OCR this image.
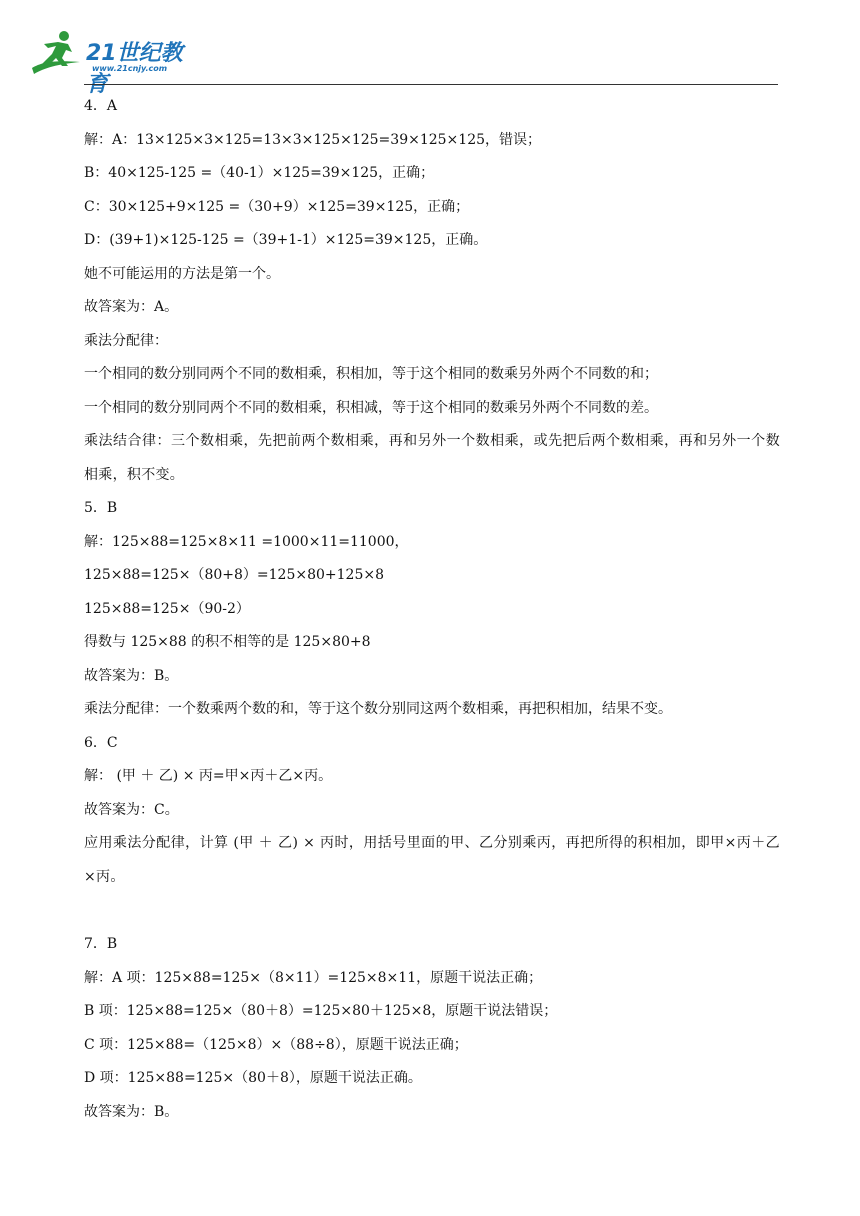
21世纪教育
www.21cnjy.com
4．A
解：A：13×125×3×125=13×3×125×125=39×125×125，错误；
B：40×125-125 =（40-1）×125=39×125，正确；
C：30×125+9×125 =（30+9）×125=39×125，正确；
D：(39+1)×125-125 =（39+1-1）×125=39×125，正确。
她不可能运用的方法是第一个。
故答案为：A。
乘法分配律：
一个相同的数分别同两个不同的数相乘，积相加，等于这个相同的数乘另外两个不同数的和；
一个相同的数分别同两个不同的数相乘，积相减，等于这个相同的数乘另外两个不同数的差。
乘法结合律：三个数相乘，先把前两个数相乘，再和另外一个数相乘，或先把后两个数相乘，再和另外一个数相乘，积不变。
5．B
解：125×88=125×8×11 =1000×11=11000，
125×88=125×（80+8）=125×80+125×8
125×88=125×（90-2）
得数与 125×88 的积不相等的是 125×80+8
故答案为：B。
乘法分配律：一个数乘两个数的和，等于这个数分别同这两个数相乘，再把积相加，结果不变。
6．C
解： (甲 ＋ 乙) × 丙=甲×丙＋乙×丙。
故答案为：C。
应用乘法分配律，计算 (甲 ＋ 乙) × 丙时，用括号里面的甲、乙分别乘丙，再把所得的积相加，即甲×丙＋乙×丙。
7．B
解：A 项：125×88=125×（8×11）=125×8×11，原题干说法正确；
B 项：125×88=125×（80＋8）=125×80＋125×8，原题干说法错误；
C 项：125×88=（125×8）×（88÷8），原题干说法正确；
D 项：125×88=125×（80＋8），原题干说法正确。
故答案为：B。
